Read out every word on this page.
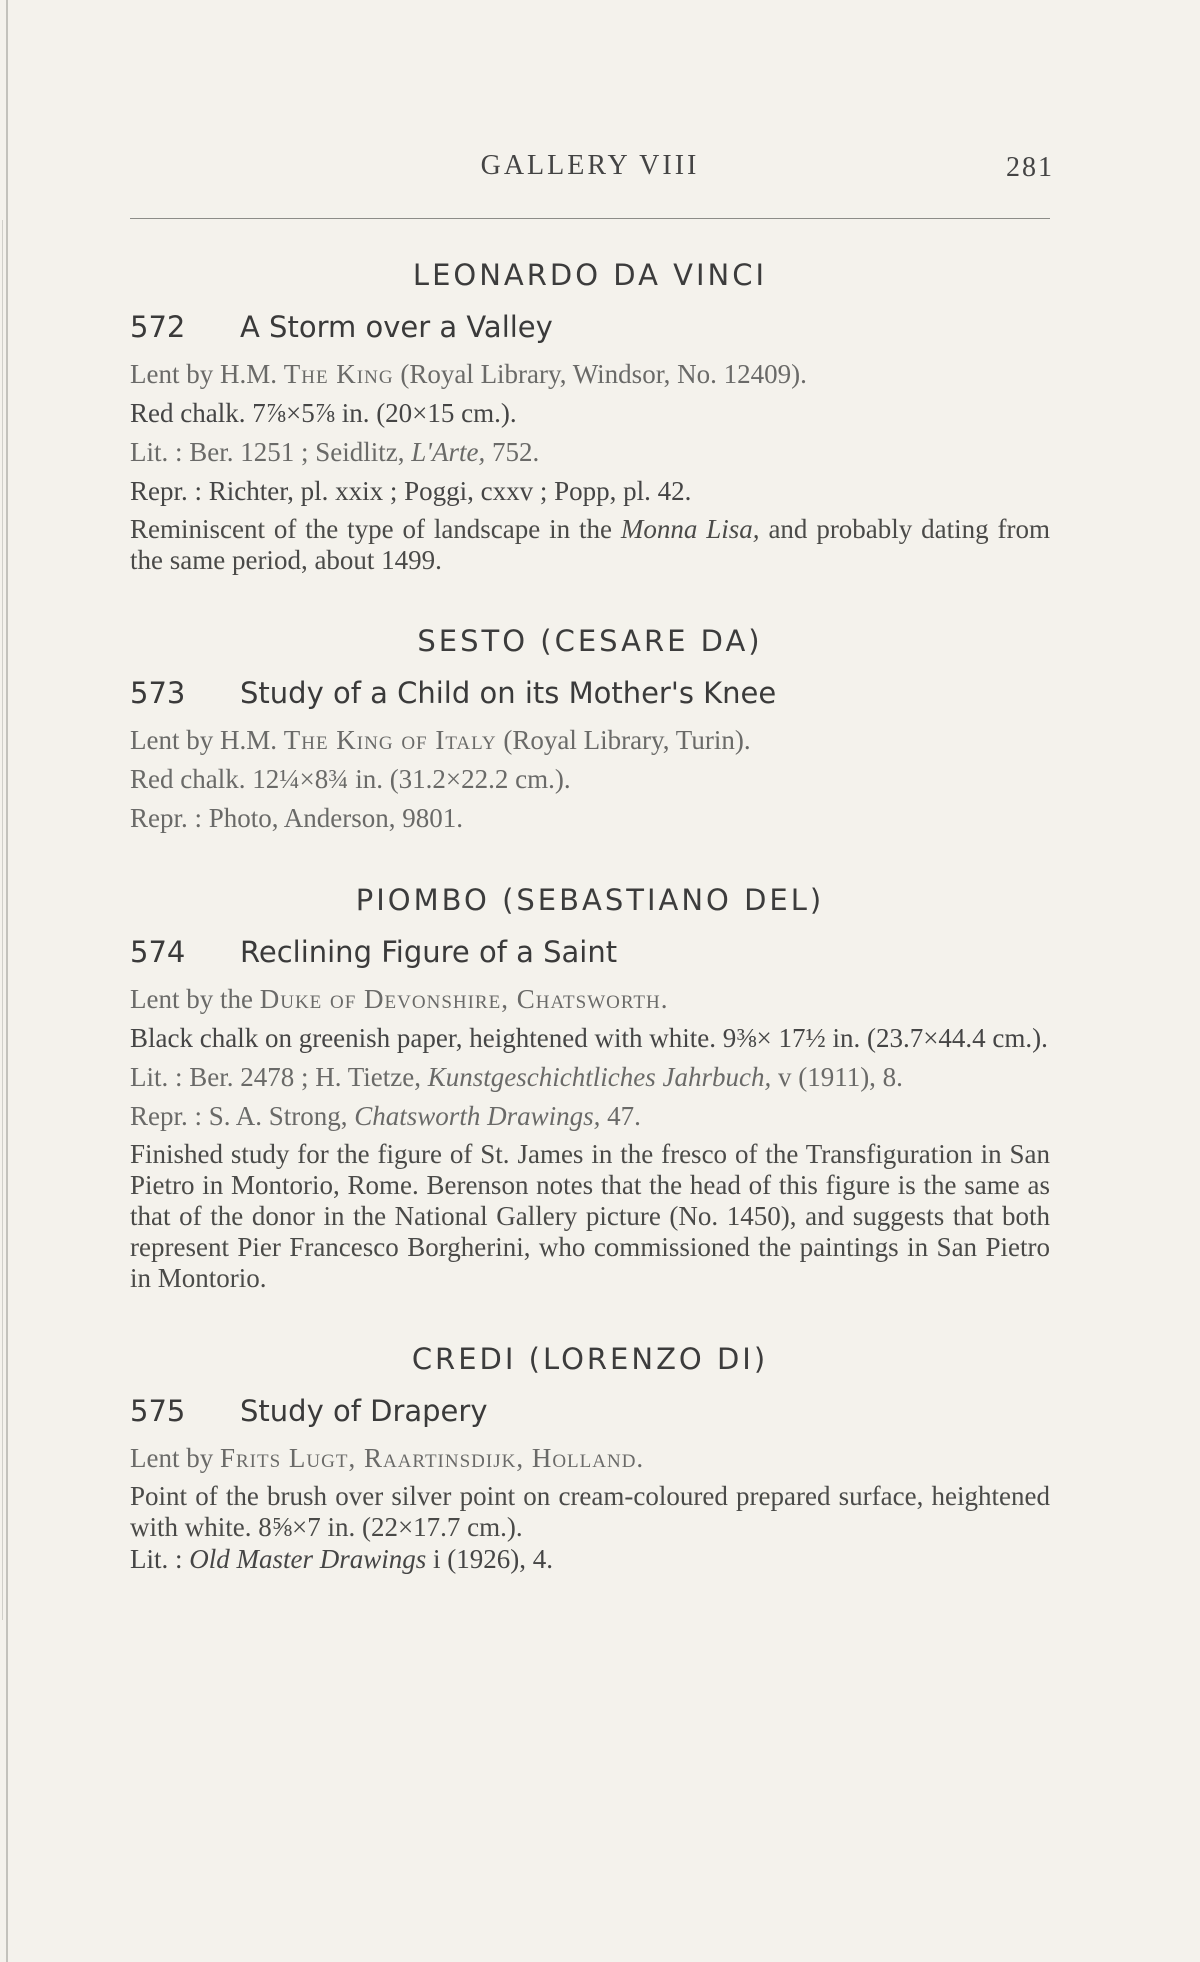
GALLERY VIII	281
LEONARDO DA VINCI
572 A Storm over a Valley
Lent by H.M. The King (Royal Library, Windsor, No. 12409).
Red chalk. 7⅞×5⅞ in. (20×15 cm.).
Lit. : Ber. 1251 ; Seidlitz, L'Arte, 752.
Repr. : Richter, pl. xxix ; Poggi, cxxv ; Popp, pl. 42.
Reminiscent of the type of landscape in the Monna Lisa, and probably dating from the same period, about 1499.
SESTO (CESARE DA)
573 Study of a Child on its Mother's Knee
Lent by H.M. The King of Italy (Royal Library, Turin).
Red chalk. 12¼×8¾ in. (31.2×22.2 cm.).
Repr. : Photo, Anderson, 9801.
PIOMBO (SEBASTIANO DEL)
574 Reclining Figure of a Saint
Lent by the Duke of Devonshire, Chatsworth.
Black chalk on greenish paper, heightened with white. 9⅜× 17½ in. (23.7×44.4 cm.).
Lit. : Ber. 2478 ; H. Tietze, Kunstgeschichtliches Jahrbuch, v (1911), 8.
Repr. : S. A. Strong, Chatsworth Drawings, 47.
Finished study for the figure of St. James in the fresco of the Transfiguration in San Pietro in Montorio, Rome. Berenson notes that the head of this figure is the same as that of the donor in the National Gallery picture (No. 1450), and suggests that both represent Pier Francesco Borgherini, who commissioned the paintings in San Pietro in Montorio.
CREDI (LORENZO DI)
575 Study of Drapery
Lent by Frits Lugt, Raartinsdijk, Holland.
Point of the brush over silver point on cream-coloured prepared surface, heightened with white. 8⅝×7 in. (22×17.7 cm.).
Lit. : Old Master Drawings i (1926), 4.
